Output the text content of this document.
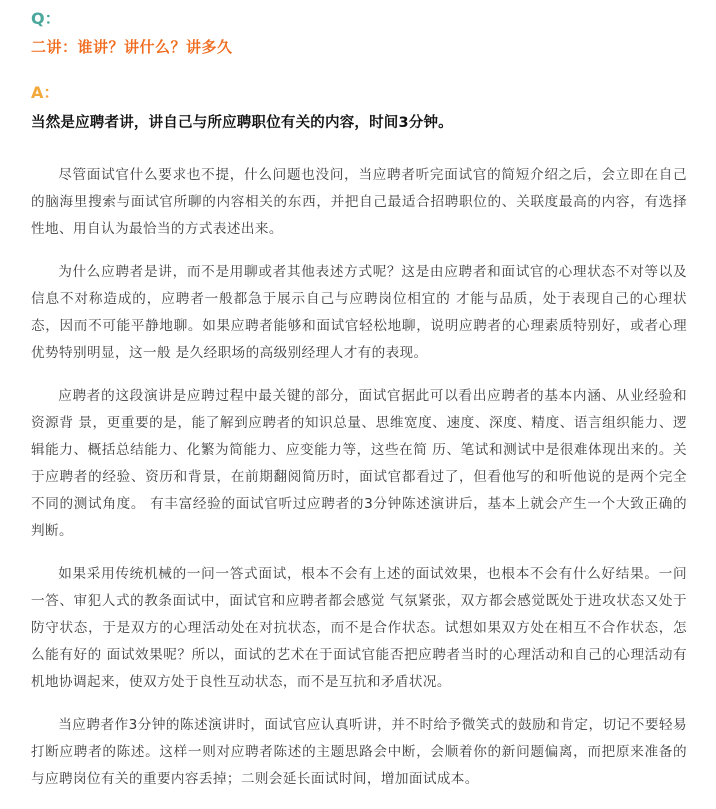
Q：
二讲：谁讲？讲什么？讲多久
A：
当然是应聘者讲，讲自己与所应聘职位有关的内容，时间3分钟。

尽管面试官什么要求也不提，什么问题也没问，当应聘者听完面试官的简短介绍之后，会立即在自己的脑海里搜索与面试官所聊的内容相关的东西，并把自己最适合招聘职位的、关联度最高的内容，有选择性地、用自认为最恰当的方式表述出来。

为什么应聘者是讲，而不是用聊或者其他表述方式呢？这是由应聘者和面试官的心理状态不对等以及信息不对称造成的，应聘者一般都急于展示自己与应聘岗位相宜的 才能与品质，处于表现自己的心理状态，因而不可能平静地聊。如果应聘者能够和面试官轻松地聊，说明应聘者的心理素质特别好，或者心理优势特别明显，这一般 是久经职场的高级别经理人才有的表现。

应聘者的这段演讲是应聘过程中最关键的部分，面试官据此可以看出应聘者的基本内涵、从业经验和资源背 景，更重要的是，能了解到应聘者的知识总量、思维宽度、速度、深度、精度、语言组织能力、逻辑能力、概括总结能力、化繁为简能力、应变能力等，这些在简 历、笔试和测试中是很难体现出来的。关于应聘者的经验、资历和背景，在前期翻阅简历时，面试官都看过了，但看他写的和听他说的是两个完全不同的测试角度。 有丰富经验的面试官听过应聘者的3分钟陈述演讲后，基本上就会产生一个大致正确的判断。

如果采用传统机械的一问一答式面试，根本不会有上述的面试效果，也根本不会有什么好结果。一问一答、审犯人式的教条面试中，面试官和应聘者都会感觉 气氛紧张，双方都会感觉既处于进攻状态又处于防守状态，于是双方的心理活动处在对抗状态，而不是合作状态。试想如果双方处在相互不合作状态，怎么能有好的 面试效果呢？所以，面试的艺术在于面试官能否把应聘者当时的心理活动和自己的心理活动有机地协调起来，使双方处于良性互动状态，而不是互抗和矛盾状况。

当应聘者作3分钟的陈述演讲时，面试官应认真听讲，并不时给予微笑式的鼓励和肯定，切记不要轻易打断应聘者的陈述。这样一则对应聘者陈述的主题思路会中断，会顺着你的新问题偏离，而把原来准备的与应聘岗位有关的重要内容丢掉；二则会延长面试时间，增加面试成本。
